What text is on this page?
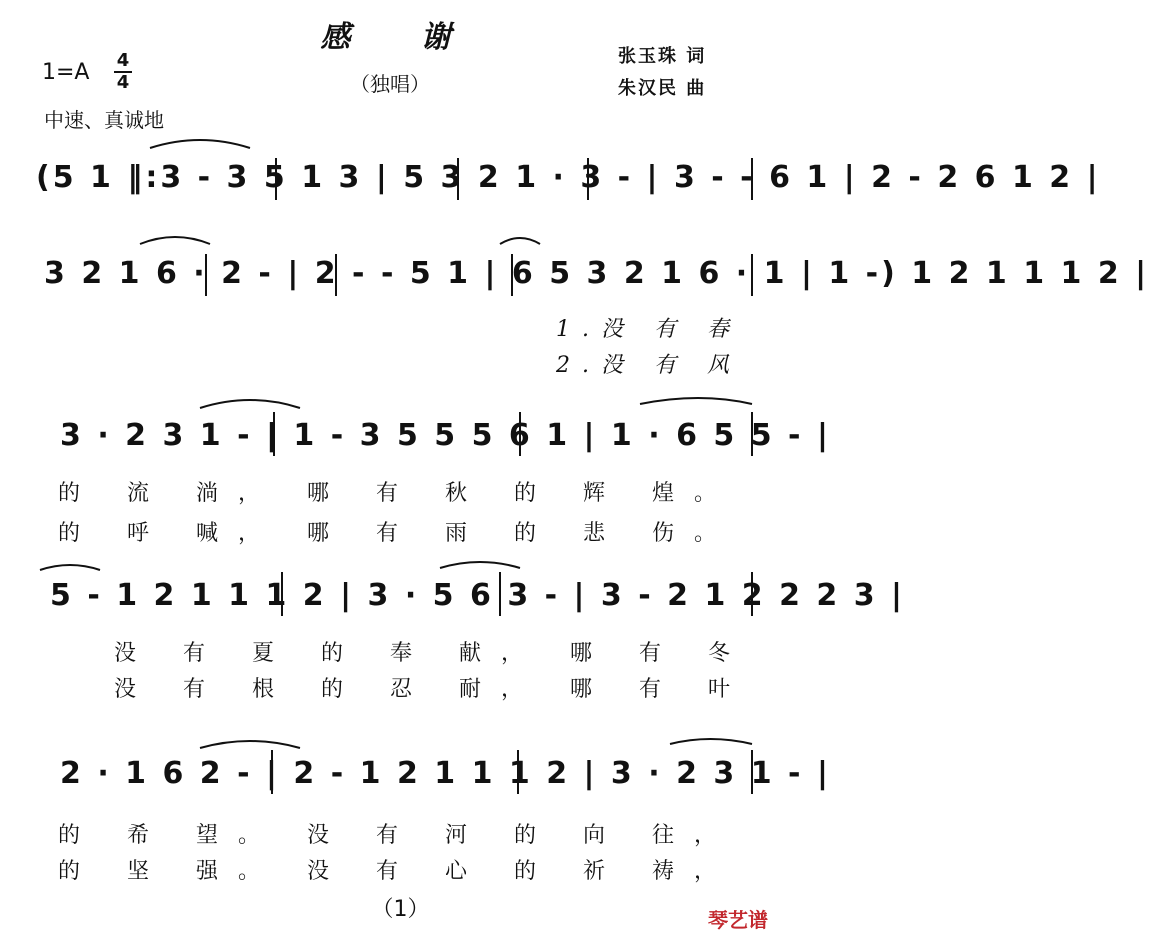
感 谢
（独唱）
张玉珠 词
朱汉民 曲
1=A 4
4
中速、真诚地
(5 1 ‖:3 - 3 5 1 3 | 5 3 2 1 · 3 - | 3 - - 6 1 | 2 - 2 6 1 2 |
3 2 1 6 · 2 - | 2 - - 5 1 | 6 5 3 2 1 6 · 1 | 1 -) 1 2 1 1 1 2 |
1.没 有 春
2.没 有 风
3 · 2 3 1 - | 1 - 3 5 5 5 6 1 | 1 · 6 5 5 - |
的 流 淌， 哪 有 秋 的 辉 煌。
的 呼 喊， 哪 有 雨 的 悲 伤。
5 - 1 2 1 1 1 2 | 3 · 5 6 3 - | 3 - 2 1 2 2 2 3 |
没 有 夏 的 奉 献， 哪 有 冬
没 有 根 的 忍 耐， 哪 有 叶
2 · 1 6 2 - | 2 - 1 2 1 1 1 2 | 3 · 2 3 1 - |
的 希 望。 没 有 河 的 向 往，
的 坚 强。 没 有 心 的 祈 祷，
（1）	琴艺谱
